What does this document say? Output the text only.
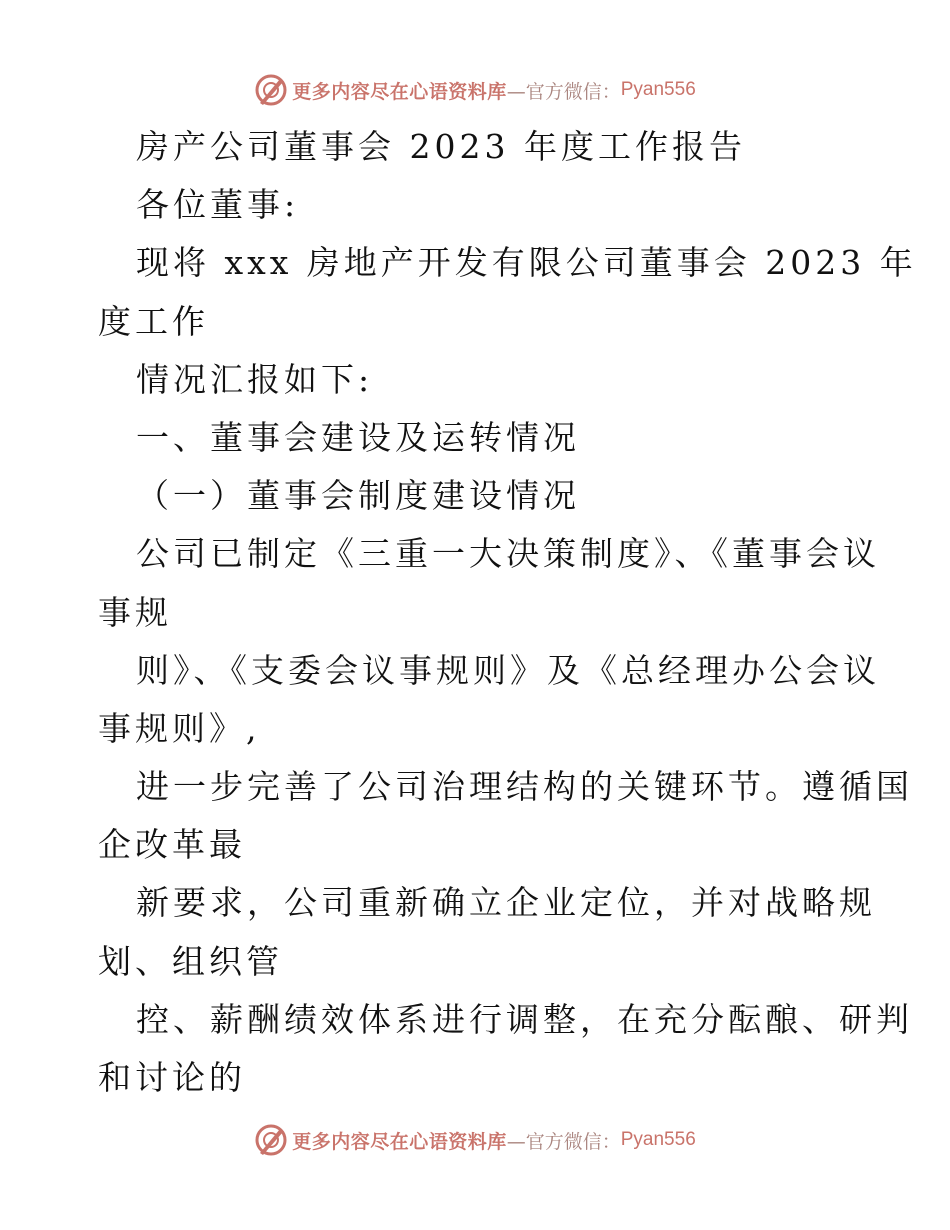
更多内容尽在心语资料库 —官方微信： Pyan556
房产公司董事会 2023 年度工作报告
各位董事:
现将 xxx 房地产开发有限公司董事会 2023 年
度工作
情况汇报如下:
一、董事会建设及运转情况
（一）董事会制度建设情况
公司已制定《三重一大决策制度》、《董事会议
事规
则》、《支委会议事规则》及《总经理办公会议
事规则》,
进一步完善了公司治理结构的关键环节。遵循国
企改革最
新要求，公司重新确立企业定位，并对战略规
划、组织管
控、薪酬绩效体系进行调整，在充分酝酿、研判
和讨论的
更多内容尽在心语资料库 —官方微信： Pyan556
